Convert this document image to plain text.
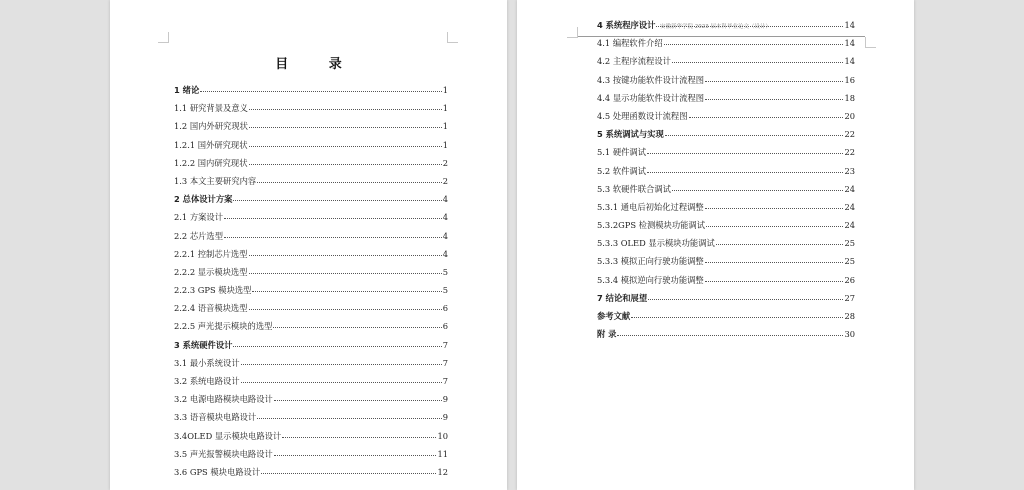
目 录
1 绪论	1
1.1 研究背景及意义	1
1.2 国内外研究现状	1
1.2.1 国外研究现状	1
1.2.2 国内研究现状	2
1.3 本文主要研究内容	2
2 总体设计方案	4
2.1 方案设计	4
2.2 芯片选型	4
2.2.1 控制芯片选型	4
2.2.2 显示模块选型	5
2.2.3 GPS 模块选型	5
2.2.4 语音模块选型	6
2.2.5 声光提示模块的选型	6
3 系统硬件设计	7
3.1 最小系统设计	7
3.2 系统电路设计	7
3.2 电源电路模块电路设计	9
3.3 语音模块电路设计	9
3.4OLED 显示模块电路设计	10
3.5 声光报警模块电路设计	11
3.6 GPS 模块电路设计	12
安徽新华学院 2023 届本科毕业论文（设计）
4 系统程序设计	14
4.1 编程软件介绍	14
4.2 主程序流程设计	14
4.3 按键功能软件设计流程图	16
4.4 显示功能软件设计流程图	18
4.5 处理函数设计流程图	20
5 系统调试与实现	22
5.1 硬件调试	22
5.2 软件调试	23
5.3 软硬件联合调试	24
5.3.1 通电后初始化过程调整	24
5.3.2GPS 检测模块功能调试	24
5.3.3 OLED 显示模块功能调试	25
5.3.3 模拟正向行驶功能调整	25
5.3.4 模拟逆向行驶功能调整	26
7 结论和展望	27
参考文献	28
附 录	30
